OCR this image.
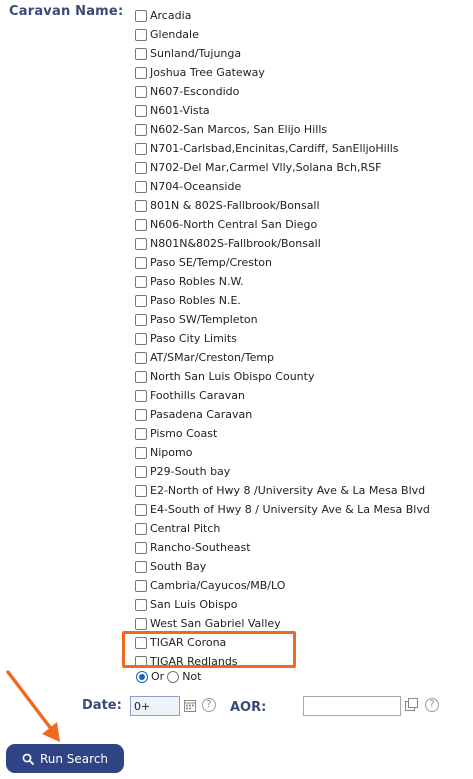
Caravan Name: Arcadia
Glendale
Sunland/Tujunga
Joshua Tree Gateway
N607-Escondido
N601-Vista
N602-San Marcos, San Elijo Hills
N701-Carlsbad,Encinitas,Cardiff, SanElljoHills
N702-Del Mar,Carmel Vlly,Solana Bch,RSF
N704-Oceanside
801N & 802S-Fallbrook/Bonsall
N606-North Central San Diego
N801N&802S-Fallbrook/Bonsall
Paso SE/Temp/Creston
Paso Robles N.W.
Paso Robles N.E.
Paso SW/Templeton
Paso City Limits
AT/SMar/Creston/Temp
North San Luis Obispo County
Foothills Caravan
Pasadena Caravan
Pismo Coast
Nipomo
P29-South bay
E2-North of Hwy 8 /University Ave & La Mesa Blvd
E4-South of Hwy 8 / University Ave & La Mesa Blvd
Central Pitch
Rancho-Southeast
South Bay
Cambria/Cayucos/MB/LO
San Luis Obispo
West San Gabriel Valley
TIGAR Corona
TIGAR Redlands
Or Not
Date:
0+	?	AOR:	?
Run Search
